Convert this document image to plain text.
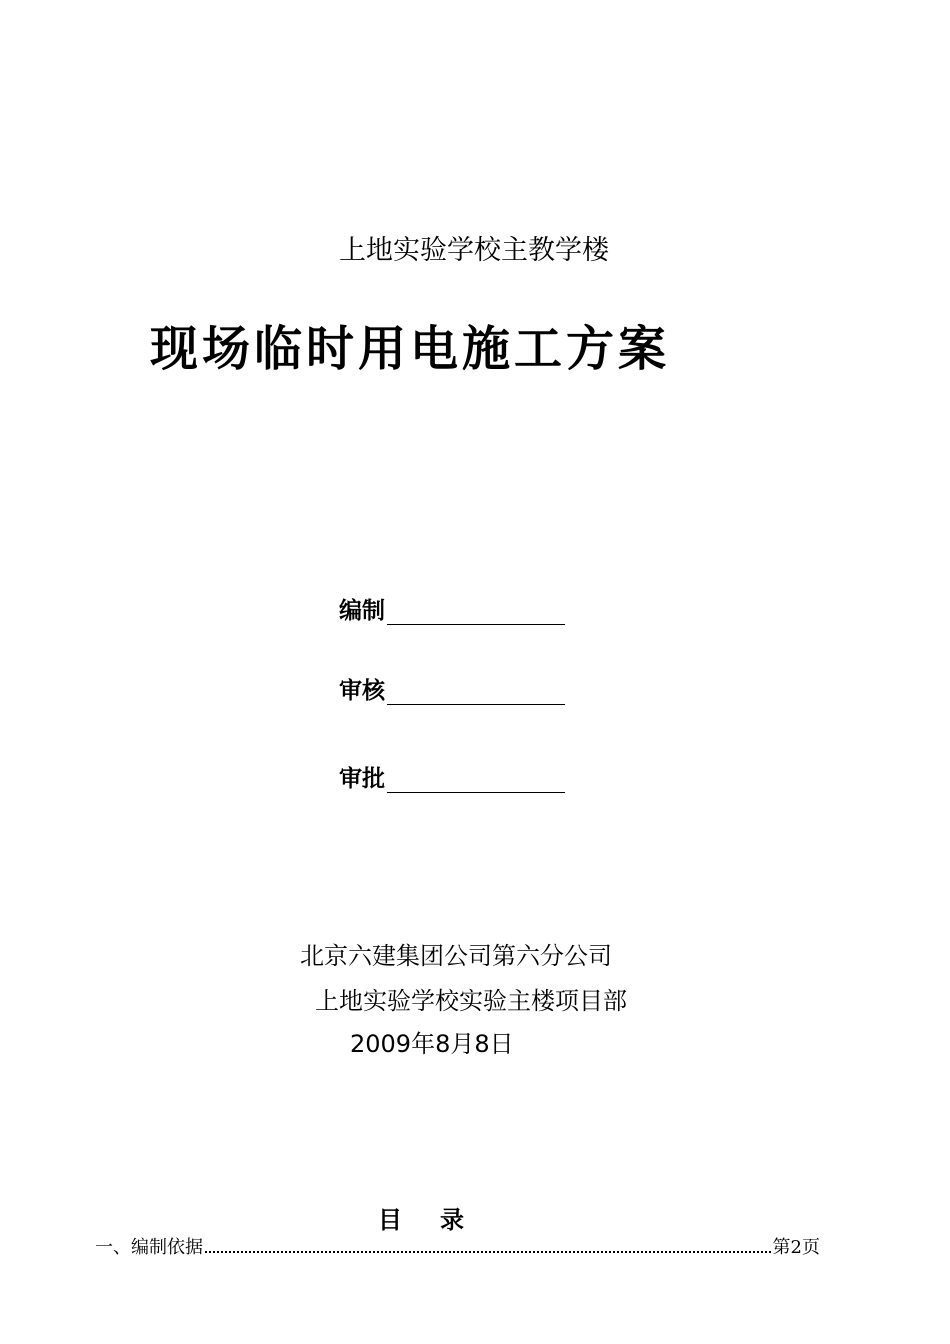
上地实验学校主教学楼
现场临时用电施工方案
编制
审核
审批
北京六建集团公司第六分公司
上地实验学校实验主楼项目部
2009年8月8日
目录
一、编制依据	第2页
